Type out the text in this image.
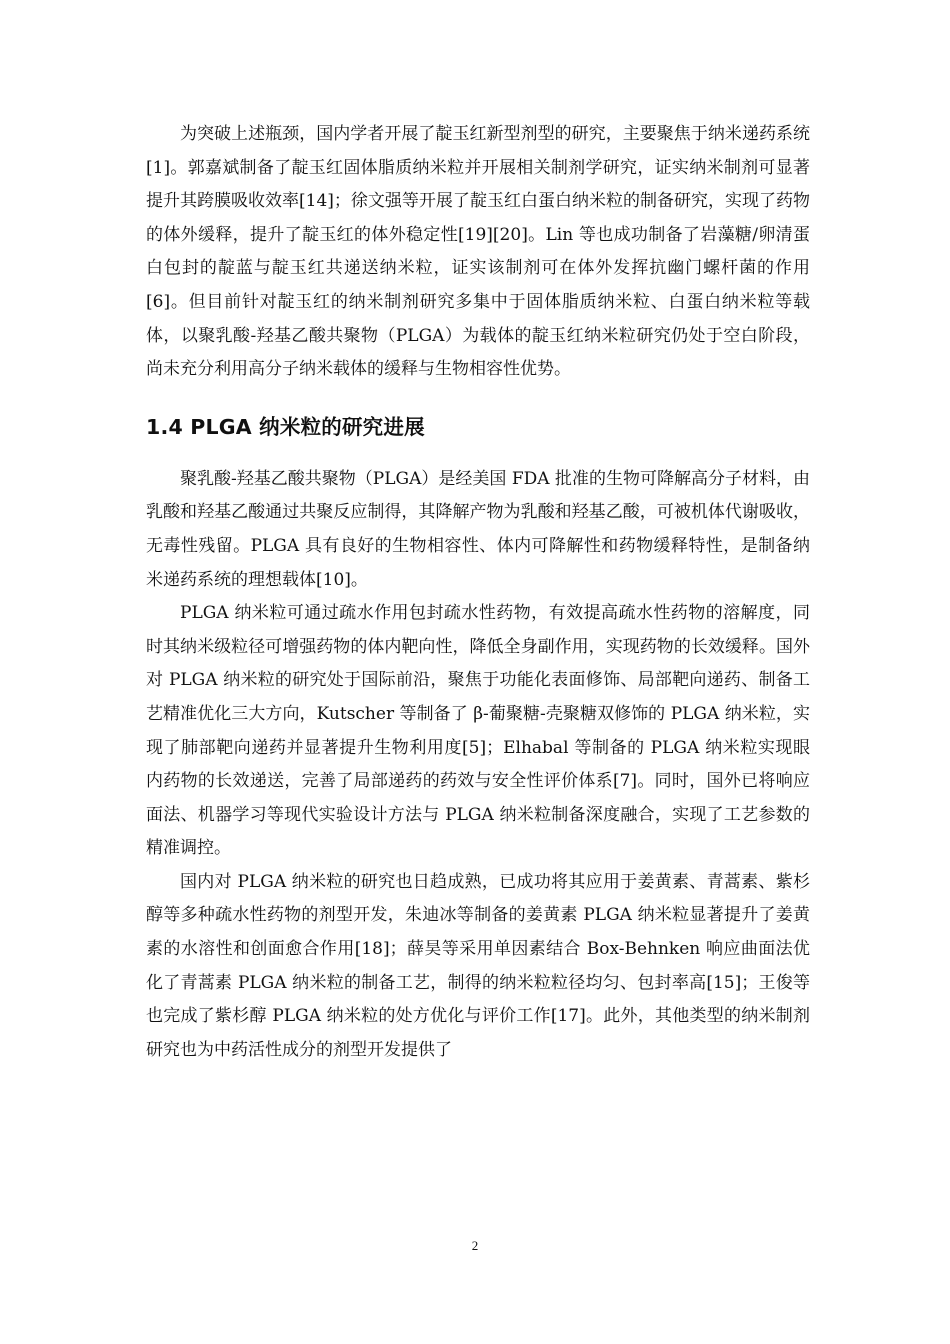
为突破上述瓶颈，国内学者开展了靛玉红新型剂型的研究，主要聚焦于纳米递药系统[1]。郭嘉斌制备了靛玉红固体脂质纳米粒并开展相关制剂学研究，证实纳米制剂可显著提升其跨膜吸收效率[14]；徐文强等开展了靛玉红白蛋白纳米粒的制备研究，实现了药物的体外缓释，提升了靛玉红的体外稳定性[19][20]。Lin 等也成功制备了岩藻糖/卵清蛋白包封的靛蓝与靛玉红共递送纳米粒，证实该制剂可在体外发挥抗幽门螺杆菌的作用[6]。但目前针对靛玉红的纳米制剂研究多集中于固体脂质纳米粒、白蛋白纳米粒等载体，以聚乳酸-羟基乙酸共聚物（PLGA）为载体的靛玉红纳米粒研究仍处于空白阶段，尚未充分利用高分子纳米载体的缓释与生物相容性优势。

1.4 PLGA 纳米粒的研究进展

聚乳酸-羟基乙酸共聚物（PLGA）是经美国 FDA 批准的生物可降解高分子材料，由乳酸和羟基乙酸通过共聚反应制得，其降解产物为乳酸和羟基乙酸，可被机体代谢吸收，无毒性残留。PLGA 具有良好的生物相容性、体内可降解性和药物缓释特性，是制备纳米递药系统的理想载体[10]。

PLGA 纳米粒可通过疏水作用包封疏水性药物，有效提高疏水性药物的溶解度，同时其纳米级粒径可增强药物的体内靶向性，降低全身副作用，实现药物的长效缓释。国外对 PLGA 纳米粒的研究处于国际前沿，聚焦于功能化表面修饰、局部靶向递药、制备工艺精准优化三大方向，Kutscher 等制备了 β-葡聚糖-壳聚糖双修饰的 PLGA 纳米粒，实现了肺部靶向递药并显著提升生物利用度[5]；Elhabal 等制备的 PLGA 纳米粒实现眼内药物的长效递送，完善了局部递药的药效与安全性评价体系[7]。同时，国外已将响应面法、机器学习等现代实验设计方法与 PLGA 纳米粒制备深度融合，实现了工艺参数的精准调控。

国内对 PLGA 纳米粒的研究也日趋成熟，已成功将其应用于姜黄素、青蒿素、紫杉醇等多种疏水性药物的剂型开发，朱迪冰等制备的姜黄素 PLGA 纳米粒显著提升了姜黄素的水溶性和创面愈合作用[18]；薛昊等采用单因素结合 Box-Behnken 响应曲面法优化了青蒿素 PLGA 纳米粒的制备工艺，制得的纳米粒粒径均匀、包封率高[15]；王俊等也完成了紫杉醇 PLGA 纳米粒的处方优化与评价工作[17]。此外，其他类型的纳米制剂研究也为中药活性成分的剂型开发提供了

2
